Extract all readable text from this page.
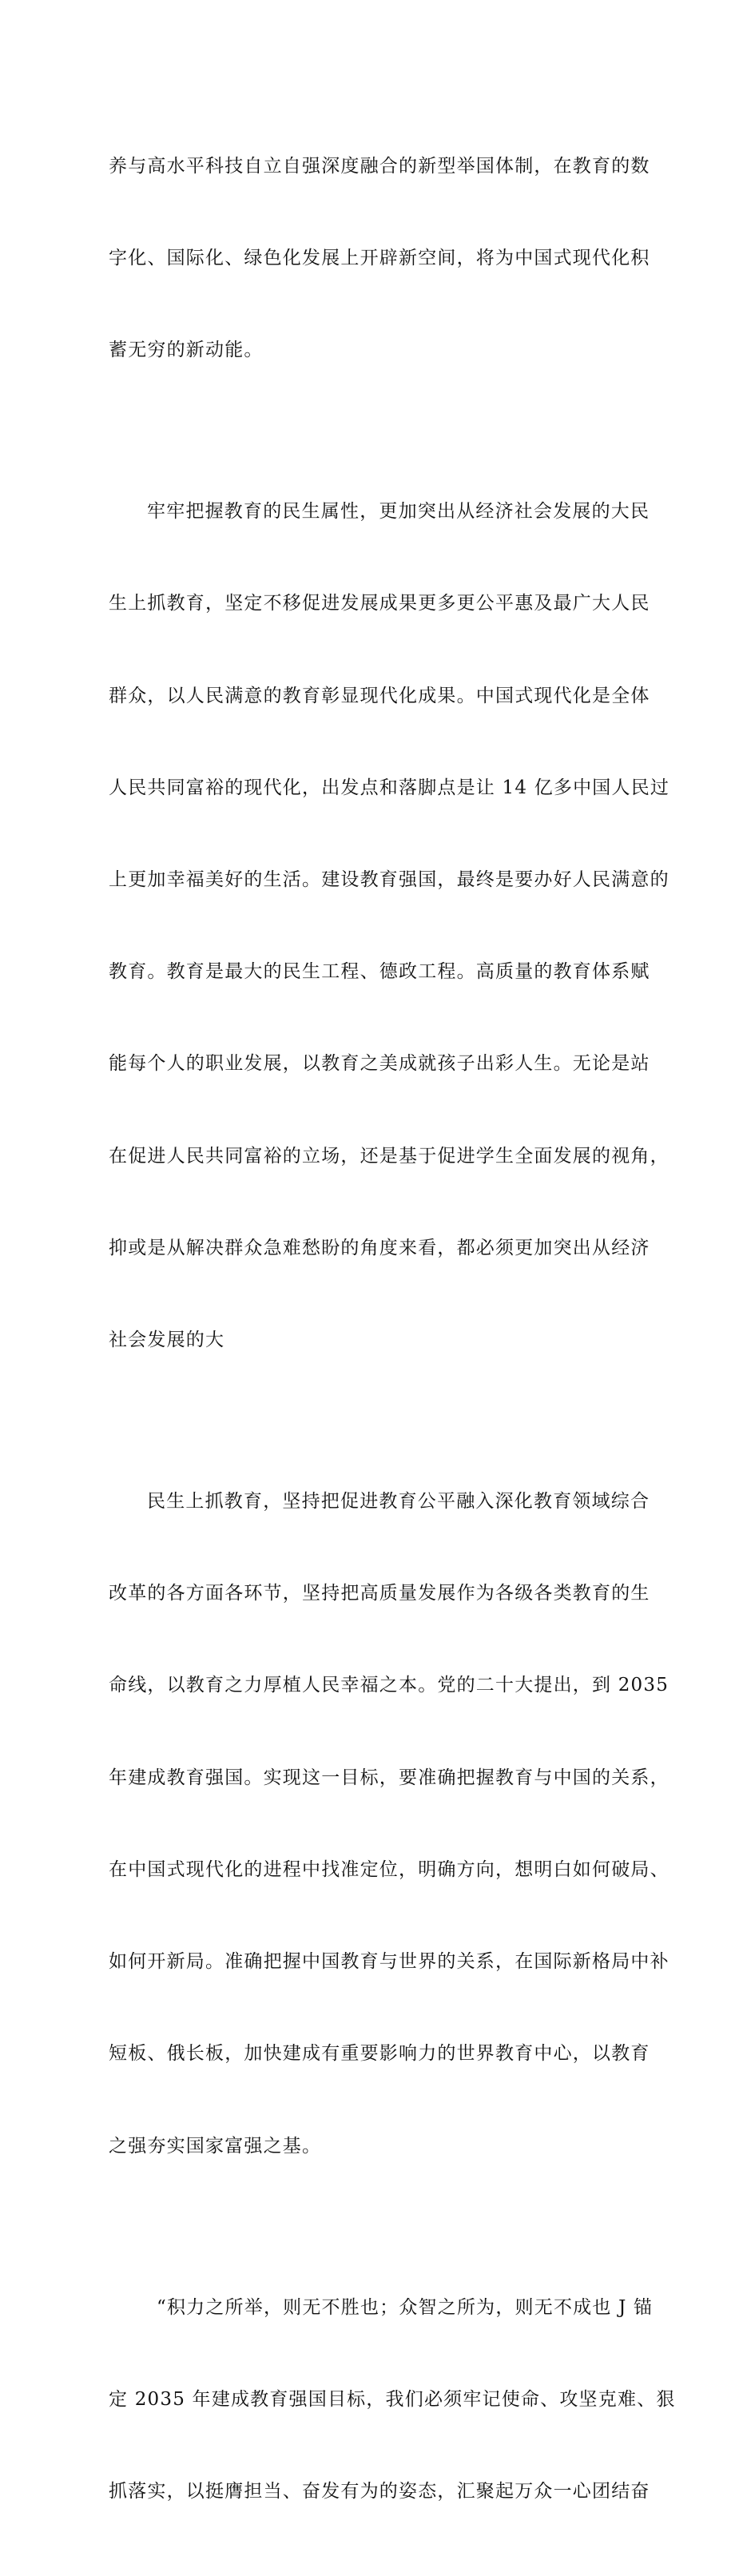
养与高水平科技自立自强深度融合的新型举国体制，在教育的数

字化、国际化、绿色化发展上开辟新空间，将为中国式现代化积

蓄无穷的新动能。

牢牢把握教育的民生属性，更加突出从经济社会发展的大民

生上抓教育，坚定不移促进发展成果更多更公平惠及最广大人民

群众，以人民满意的教育彰显现代化成果。中国式现代化是全体

人民共同富裕的现代化，出发点和落脚点是让 14 亿多中国人民过

上更加幸福美好的生活。建设教育强国，最终是要办好人民满意的

教育。教育是最大的民生工程、德政工程。高质量的教育体系赋

能每个人的职业发展，以教育之美成就孩子出彩人生。无论是站

在促进人民共同富裕的立场，还是基于促进学生全面发展的视角，

抑或是从解决群众急难愁盼的角度来看，都必须更加突出从经济

社会发展的大

民生上抓教育，坚持把促进教育公平融入深化教育领域综合

改革的各方面各环节，坚持把高质量发展作为各级各类教育的生

命线，以教育之力厚植人民幸福之本。党的二十大提出，到 2035

年建成教育强国。实现这一目标，要准确把握教育与中国的关系，

在中国式现代化的进程中找准定位，明确方向，想明白如何破局、

如何开新局。准确把握中国教育与世界的关系，在国际新格局中补

短板、俄长板，加快建成有重要影响力的世界教育中心，以教育

之强夯实国家富强之基。

“积力之所举，则无不胜也；众智之所为，则无不成也 J 锚

定 2035 年建成教育强国目标，我们必须牢记使命、攻坚克难、狠

抓落实，以挺膺担当、奋发有为的姿态，汇聚起万众一心团结奋
